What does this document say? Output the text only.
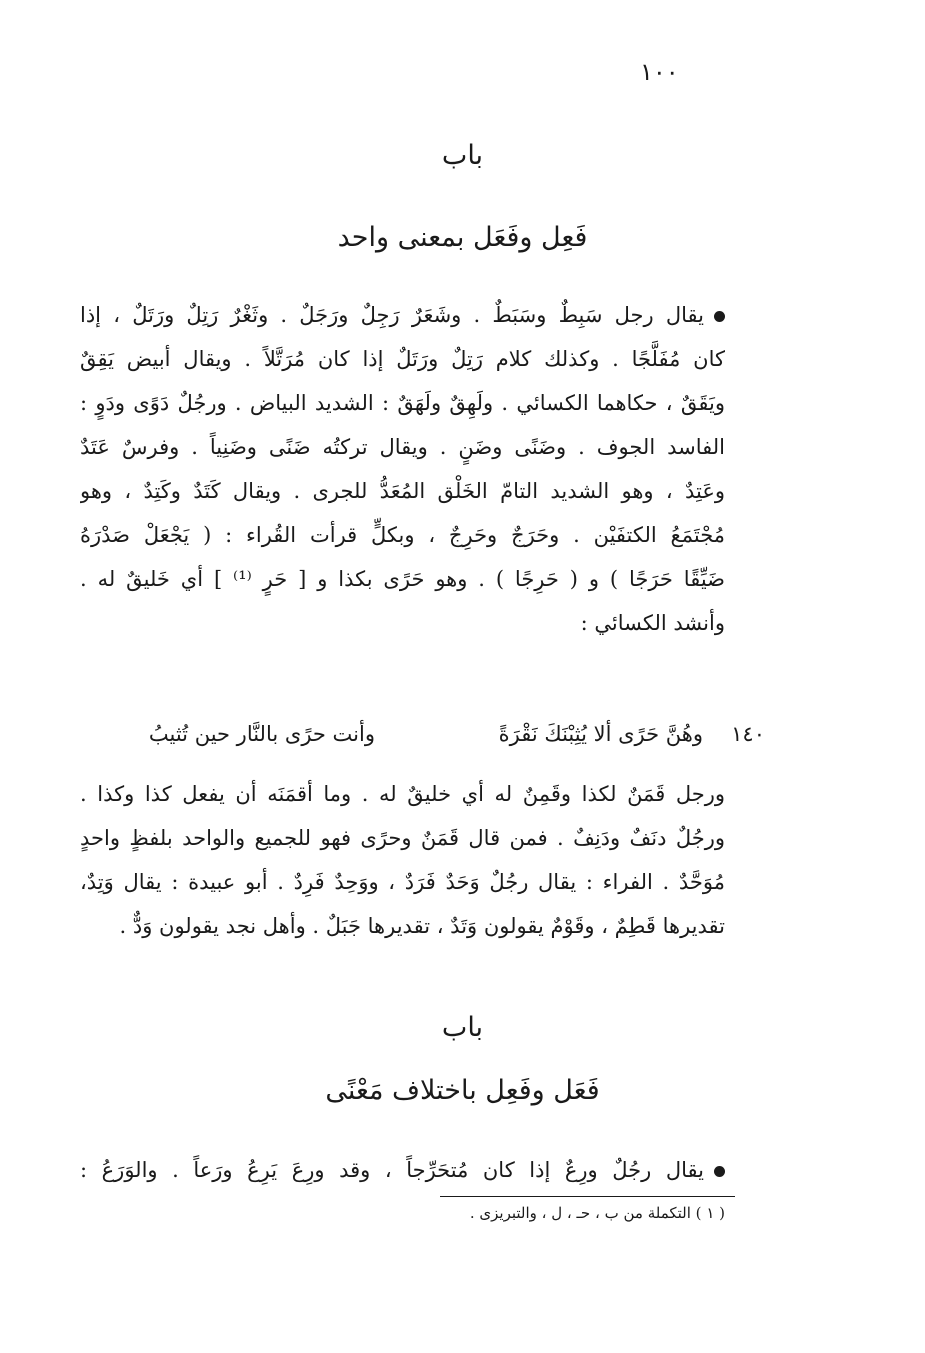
١٠٠
باب
فَعِل وفَعَل بمعنى واحد
يقال رجل سَبِطٌ وسَبَطٌ . وشَعَرٌ رَجِلٌ ورَجَلٌ . وثَغْرٌ رَتِلٌ ورَتَلٌ ، إذا
كان مُفَلَّجًا . وكذلك كلام رَتِلٌ ورَتَلٌ إذا كان مُرَتَّلاً . ويقال أبيض يَقِقٌ
ويَقَقٌ ، حكاهما الكسائي . ولَهِقٌ ولَهَقٌ : الشديد البياض . ورجُلٌ دَوًى ودَوٍ :
الفاسد الجوف . وضَنًى وضَنٍ . ويقال تركتُه ضَنًى وضَنِياً . وفرسٌ عَتَدٌ
وعَتِدٌ ، وهو الشديد التامّ الخَلْق المُعَدُّ للجرى . ويقال كَتَدٌ وكَتِدٌ ، وهو
مُجْتَمَعُ الكتفَيْن . وحَرَجٌ وحَرِجٌ ، وبكلٍّ قرأت القُراء : ( يَجْعَلْ صَدْرَهُ
ضَيِّقًا حَرَجًا ) و ( حَرِجًا ) . وهو حَرًى بكذا و [ حَرٍ ⁽¹⁾ ] أي خَليقٌ له .
وأنشد الكسائي :
١٤٠
وهُنَّ حَرًى ألا يُثِبْنَكَ نَقْرَةً
وأنت حرًى بالنَّار حين تُثيبُ
ورجل قَمَنٌ لكذا وقَمِنٌ له أي خليقٌ له . وما أقمَنَه أن يفعل كذا وكذا .
ورجُلٌ دنَفٌ ودَنِفٌ . فمن قال قَمَنٌ وحرًى فهو للجميع والواحد بلفظٍ واحدٍ
مُوَحَّدٌ . الفراء : يقال رجُلٌ وَحَدٌ فَرَدٌ ، ووَحِدٌ فَرِدٌ . أبو عبيدة : يقال وَتِدٌ،
تقديرها قَطِمٌ ، وقَوْمٌ يقولون وَتَدٌ ، تقديرها جَبَلٌ . وأهل نجد يقولون وَدٌّ .
باب
فَعَل وفَعِل باختلاف مَعْنًى
يقال رجُلٌ ورِعٌ إذا كان مُتحَرِّجاً ، وقد ورِعَ يَرِعُ ورَعاً . والوَرَعُ :
( ١ ) التكملة من ب ، حـ ، ل ، والتبريزى .
